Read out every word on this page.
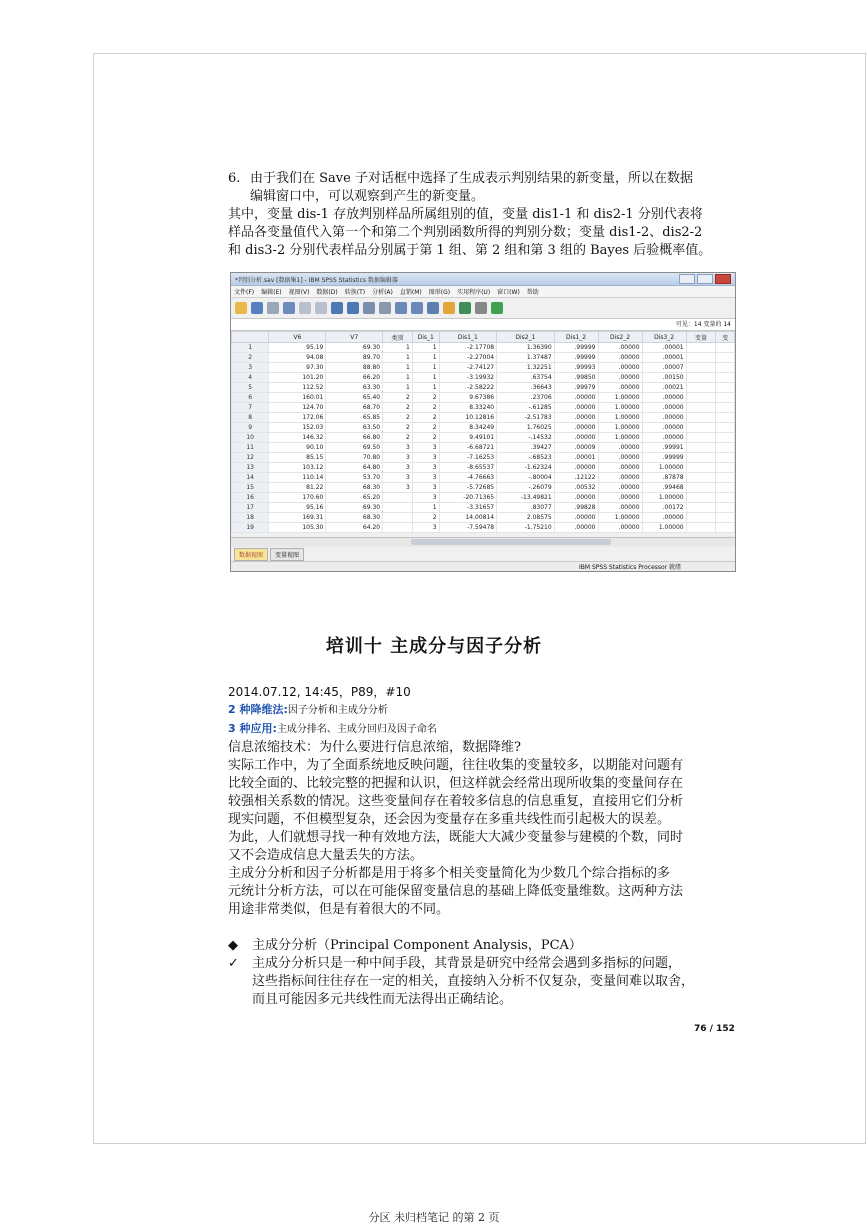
6. 由于我们在 Save 子对话框中选择了生成表示判别结果的新变量，所以在数据

编辑窗口中，可以观察到产生的新变量。

其中，变量 dis-1 存放判别样品所属组别的值，变量 dis1-1 和 dis2-1 分别代表将

样品各变量值代入第一个和第二个判别函数所得的判别分数；变量 dis1-2、dis2-2

和 dis3-2 分别代表样品分别属于第 1 组、第 2 组和第 3 组的 Bayes 后验概率值。

*判别分析.sav [数据集1] - IBM SPSS Statistics 数据编辑器
文件(F) 编辑(E) 视图(V) 数据(D) 转换(T) 分析(A) 直销(M) 图形(G) 实用程序(U) 窗口(W) 帮助
可见：14 变量的 14
	V6	V7	类别	Dis_1	Dis1_1	Dis2_1	Dis1_2	Dis2_2	Dis3_2	变量	变
1	95.19	69.30	1	1	-2.17708	1.36390	.99999	.00000	.00001		
2	94.08	89.70	1	1	-2.27004	1.37487	.99999	.00000	.00001		
3	97.30	88.80	1	1	-2.74127	1.32251	.99993	.00000	.00007		
4	101.20	66.20	1	1	-3.19932	.63754	.99850	.00000	.00150		
5	112.52	63.30	1	1	-2.58222	.36643	.99979	.00000	.00021		
6	160.01	65.40	2	2	9.67386	.23706	.00000	1.00000	.00000		
7	124.70	68.70	2	2	8.33240	-.61285	.00000	1.00000	.00000		
8	172.06	65.85	2	2	10.12816	-2.51783	.00000	1.00000	.00000		
9	152.03	63.50	2	2	8.34249	1.76025	.00000	1.00000	.00000		
10	146.32	66.80	2	2	9.49101	-.14532	.00000	1.00000	.00000		
11	90.10	69.50	3	3	-6.68721	.39427	.00009	.00000	.99991		
12	85.15	70.80	3	3	-7.16253	-.68523	.00001	.00000	.99999		
13	103.12	64.80	3	3	-8.65537	-1.62324	.00000	.00000	1.00000		
14	110.14	53.70	3	3	-4.76663	-.80004	.12122	.00000	.87878		
15	81.22	68.30	3	3	-5.72685	-.26079	.00532	.00000	.99468		
16	170.60	65.20		3	-20.71365	-13.49821	.00000	.00000	1.00000		
17	95.16	69.30		1	-3.31657	.83077	.99828	.00000	.00172		
18	169.31	68.30		2	14.00814	2.08575	.00000	1.00000	.00000		
19	105.30	64.20		3	-7.59478	-1.75210	.00000	.00000	1.00000		
数据视图	变量视图
IBM SPSS Statistics Processor 就绪
培训十 主成分与因子分析

2014.07.12, 14:45，P89，#10

2 种降维法:因子分析和主成分分析

3 种应用:主成分排名、主成分回归及因子命名

信息浓缩技术：为什么要进行信息浓缩，数据降维?

实际工作中，为了全面系统地反映问题，往往收集的变量较多，以期能对问题有

比较全面的、比较完整的把握和认识，但这样就会经常出现所收集的变量间存在

较强相关系数的情况。这些变量间存在着较多信息的信息重复，直接用它们分析

现实问题，不但模型复杂，还会因为变量存在多重共线性而引起极大的误差。

为此，人们就想寻找一种有效地方法，既能大大减少变量参与建模的个数，同时

又不会造成信息大量丢失的方法。

主成分分析和因子分析都是用于将多个相关变量简化为少数几个综合指标的多

元统计分析方法，可以在可能保留变量信息的基础上降低变量维数。这两种方法

用途非常类似，但是有着很大的不同。

◆	主成分分析（Principal Component Analysis，PCA）

✓	主成分分析只是一种中间手段，其背景是研究中经常会遇到多指标的问题，

这些指标间往往存在一定的相关，直接纳入分析不仅复杂，变量间难以取舍，

而且可能因多元共线性而无法得出正确结论。

76 / 152
分区 未归档笔记 的第 2 页
